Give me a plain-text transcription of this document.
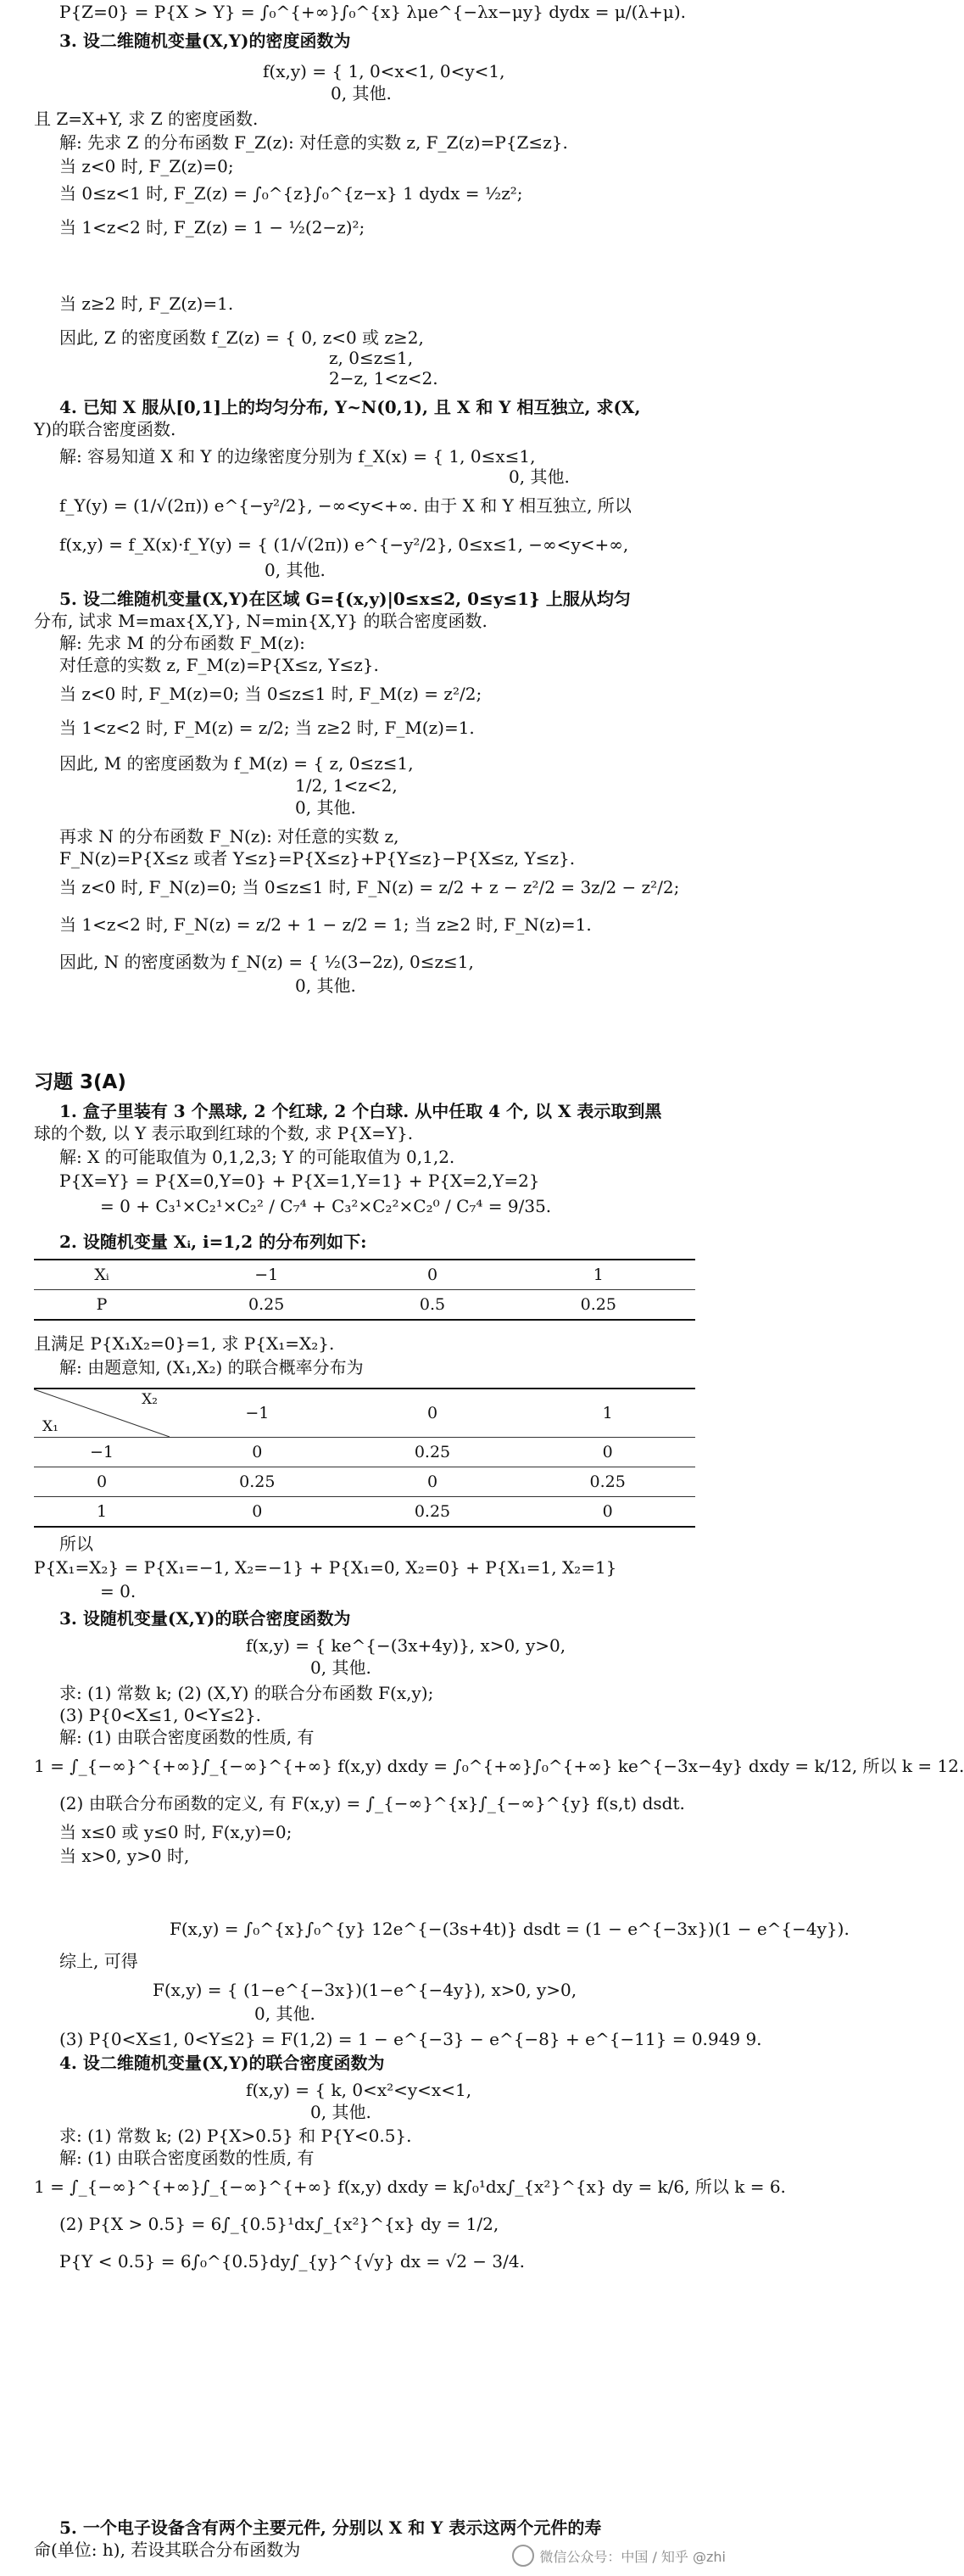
P{Z=0} = P{X > Y} = ∫₀^{+∞}∫₀^{x} λμe^{−λx−μy} dydx = μ/(λ+μ).
3. 设二维随机变量(X,Y)的密度函数为
f(x,y) = { 1, 0<x<1, 0<y<1,
0, 其他.
且 Z=X+Y, 求 Z 的密度函数.
解: 先求 Z 的分布函数 F_Z(z): 对任意的实数 z, F_Z(z)=P{Z≤z}.
当 z<0 时, F_Z(z)=0;
当 0≤z<1 时, F_Z(z) = ∫₀^{z}∫₀^{z−x} 1 dydx = ½z²;
当 1<z<2 时, F_Z(z) = 1 − ½(2−z)²;
当 z≥2 时, F_Z(z)=1.
因此, Z 的密度函数 f_Z(z) = { 0, z<0 或 z≥2,
z, 0≤z≤1,
2−z, 1<z<2.
4. 已知 X 服从[0,1]上的均匀分布, Y~N(0,1), 且 X 和 Y 相互独立, 求(X,
Y)的联合密度函数.
解: 容易知道 X 和 Y 的边缘密度分别为 f_X(x) = { 1, 0≤x≤1,
0, 其他.
f_Y(y) = (1/√(2π)) e^{−y²/2}, −∞<y<+∞. 由于 X 和 Y 相互独立, 所以
f(x,y) = f_X(x)·f_Y(y) = { (1/√(2π)) e^{−y²/2}, 0≤x≤1, −∞<y<+∞,
0, 其他.
5. 设二维随机变量(X,Y)在区域 G={(x,y)|0≤x≤2, 0≤y≤1} 上服从均匀
分布, 试求 M=max{X,Y}, N=min{X,Y} 的联合密度函数.
解: 先求 M 的分布函数 F_M(z):
对任意的实数 z, F_M(z)=P{X≤z, Y≤z}.
当 z<0 时, F_M(z)=0; 当 0≤z≤1 时, F_M(z) = z²/2;
当 1<z<2 时, F_M(z) = z/2; 当 z≥2 时, F_M(z)=1.
因此, M 的密度函数为 f_M(z) = { z, 0≤z≤1,
1/2, 1<z<2,
0, 其他.
再求 N 的分布函数 F_N(z): 对任意的实数 z,
F_N(z)=P{X≤z 或者 Y≤z}=P{X≤z}+P{Y≤z}−P{X≤z, Y≤z}.
当 z<0 时, F_N(z)=0; 当 0≤z≤1 时, F_N(z) = z/2 + z − z²/2 = 3z/2 − z²/2;
当 1<z<2 时, F_N(z) = z/2 + 1 − z/2 = 1; 当 z≥2 时, F_N(z)=1.
因此, N 的密度函数为 f_N(z) = { ½(3−2z), 0≤z≤1,
0, 其他.
习题 3(A)
1. 盒子里装有 3 个黑球, 2 个红球, 2 个白球. 从中任取 4 个, 以 X 表示取到黑
球的个数, 以 Y 表示取到红球的个数, 求 P{X=Y}.
解: X 的可能取值为 0,1,2,3; Y 的可能取值为 0,1,2.
P{X=Y} = P{X=0,Y=0} + P{X=1,Y=1} + P{X=2,Y=2}
= 0 + C₃¹×C₂¹×C₂² / C₇⁴ + C₃²×C₂²×C₂⁰ / C₇⁴ = 9/35.
2. 设随机变量 Xᵢ, i=1,2 的分布列如下:
Xᵢ	−1	0	1
P	0.25	0.5	0.25
且满足 P{X₁X₂=0}=1, 求 P{X₁=X₂}.
解: 由题意知, (X₁,X₂) 的联合概率分布为
X₂
X₁	−1	0	1
−1	0	0.25	0
0	0.25	0	0.25
1	0	0.25	0
所以
P{X₁=X₂} = P{X₁=−1, X₂=−1} + P{X₁=0, X₂=0} + P{X₁=1, X₂=1}
= 0.
3. 设随机变量(X,Y)的联合密度函数为
f(x,y) = { ke^{−(3x+4y)}, x>0, y>0,
0, 其他.
求: (1) 常数 k; (2) (X,Y) 的联合分布函数 F(x,y);
(3) P{0<X≤1, 0<Y≤2}.
解: (1) 由联合密度函数的性质, 有
1 = ∫_{−∞}^{+∞}∫_{−∞}^{+∞} f(x,y) dxdy = ∫₀^{+∞}∫₀^{+∞} ke^{−3x−4y} dxdy = k/12, 所以 k = 12.
(2) 由联合分布函数的定义, 有 F(x,y) = ∫_{−∞}^{x}∫_{−∞}^{y} f(s,t) dsdt.
当 x≤0 或 y≤0 时, F(x,y)=0;
当 x>0, y>0 时,
F(x,y) = ∫₀^{x}∫₀^{y} 12e^{−(3s+4t)} dsdt = (1 − e^{−3x})(1 − e^{−4y}).
综上, 可得
F(x,y) = { (1−e^{−3x})(1−e^{−4y}), x>0, y>0,
0, 其他.
(3) P{0<X≤1, 0<Y≤2} = F(1,2) = 1 − e^{−3} − e^{−8} + e^{−11} = 0.949 9.
4. 设二维随机变量(X,Y)的联合密度函数为
f(x,y) = { k, 0<x²<y<x<1,
0, 其他.
求: (1) 常数 k; (2) P{X>0.5} 和 P{Y<0.5}.
解: (1) 由联合密度函数的性质, 有
1 = ∫_{−∞}^{+∞}∫_{−∞}^{+∞} f(x,y) dxdy = k∫₀¹dx∫_{x²}^{x} dy = k/6, 所以 k = 6.
(2) P{X > 0.5} = 6∫_{0.5}¹dx∫_{x²}^{x} dy = 1/2,
P{Y < 0.5} = 6∫₀^{0.5}dy∫_{y}^{√y} dx = √2 − 3/4.
5. 一个电子设备含有两个主要元件, 分别以 X 和 Y 表示这两个元件的寿
命(单位: h), 若设其联合分布函数为	微信公众号：中国 / 知乎 @zhi
